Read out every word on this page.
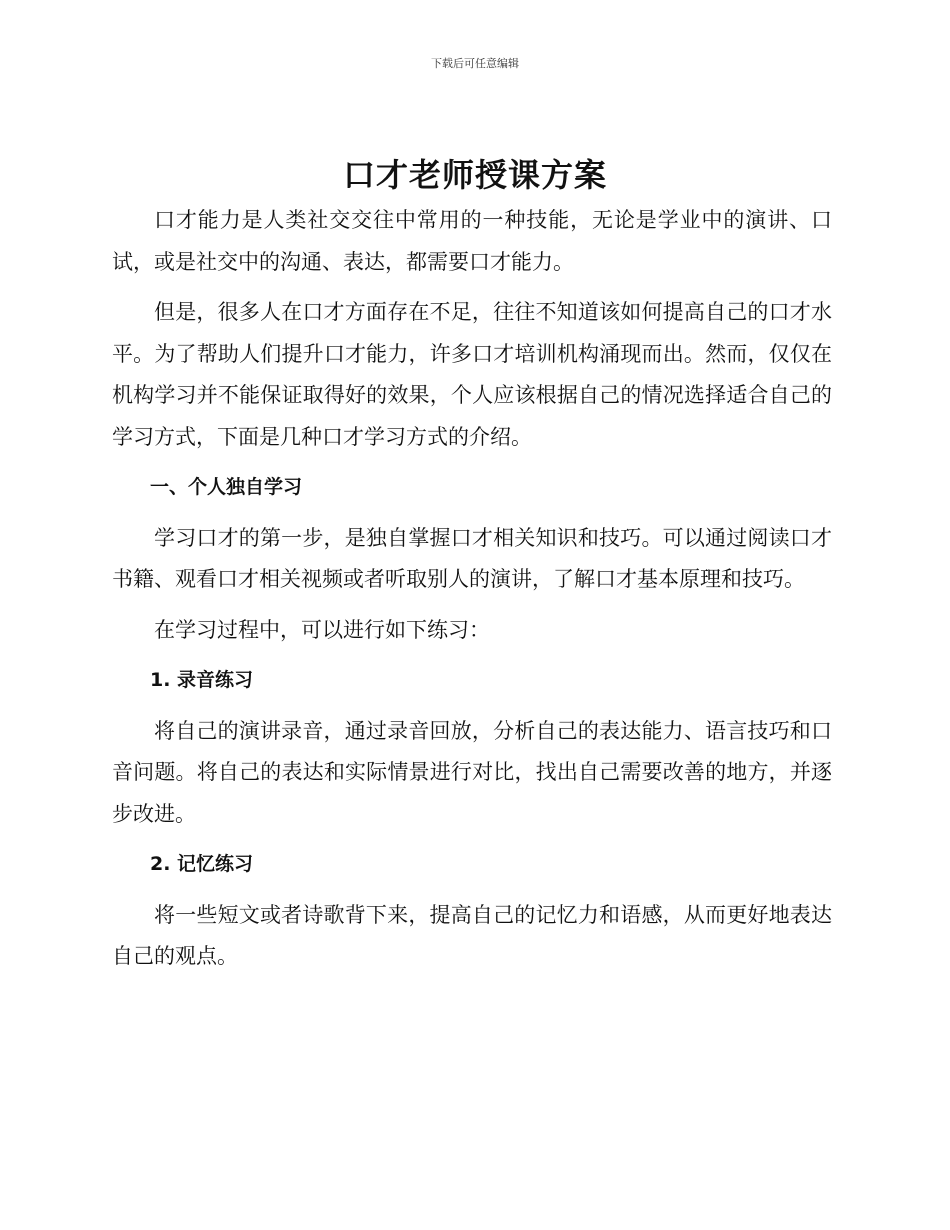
下载后可任意编辑
口才老师授课方案

口才能力是人类社交交往中常用的一种技能，无论是学业中的演讲、口试，或是社交中的沟通、表达，都需要口才能力。

但是，很多人在口才方面存在不足，往往不知道该如何提高自己的口才水平。为了帮助人们提升口才能力，许多口才培训机构涌现而出。然而，仅仅在机构学习并不能保证取得好的效果，个人应该根据自己的情况选择适合自己的学习方式，下面是几种口才学习方式的介绍。

一、个人独自学习

学习口才的第一步，是独自掌握口才相关知识和技巧。可以通过阅读口才书籍、观看口才相关视频或者听取别人的演讲，了解口才基本原理和技巧。

在学习过程中，可以进行如下练习：

1. 录音练习

将自己的演讲录音，通过录音回放，分析自己的表达能力、语言技巧和口音问题。将自己的表达和实际情景进行对比，找出自己需要改善的地方，并逐步改进。

2. 记忆练习

将一些短文或者诗歌背下来，提高自己的记忆力和语感，从而更好地表达自己的观点。
